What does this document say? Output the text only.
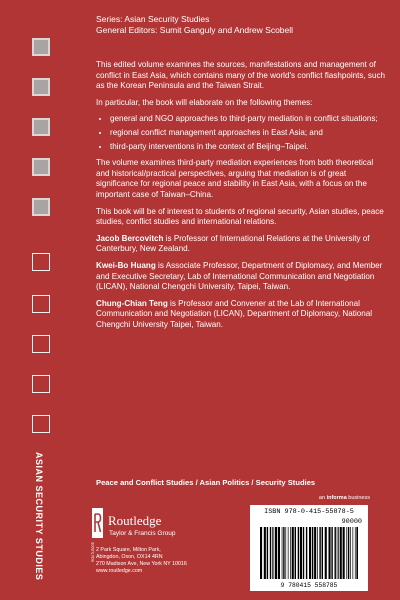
Series: Asian Security Studies
General Editors: Sumit Ganguly and Andrew Scobell

This edited volume examines the sources, manifestations and management of conflict in East Asia, which contains many of the world's conflict flashpoints, such as the Korean Peninsula and the Taiwan Strait.

In particular, the book will elaborate on the following themes:

• general and NGO approaches to third-party mediation in conflict situations;
• regional conflict management approaches in East Asia; and
• third-party interventions in the context of Beijing–Taipei.

The volume examines third-party mediation experiences from both theoretical and historical/practical perspectives, arguing that mediation is of great significance for regional peace and stability in East Asia, with a focus on the important case of Taiwan–China.

This book will be of interest to students of regional security, Asian studies, peace studies, conflict studies and international relations.

Jacob Bercovitch is Professor of International Relations at the University of Canterbury, New Zealand.

Kwei-Bo Huang is Associate Professor, Department of Diplomacy, and Member and Executive Secretary, Lab of International Communication and Negotiation (LICAN), National Chengchi University, Taipei, Taiwan.

Chung-Chian Teng is Professor and Convener at the Lab of International Communication and Negotiation (LICAN), Department of Diplomacy, National Chengchi University Taipei, Taiwan.

ASIAN SECURITY STUDIES	Peace and Conflict Studies / Asian Politics / Security Studies
an informa business
ISBN 978-0-415-55878-5
90000
9 780415 558785
ROUTLEDGE
Routledge
Taylor & Francis Group
2 Park Square, Milton Park,
Abingdon, Oxon, OX14 4RN
270 Madison Ave, New York NY 10016
www.routledge.com
